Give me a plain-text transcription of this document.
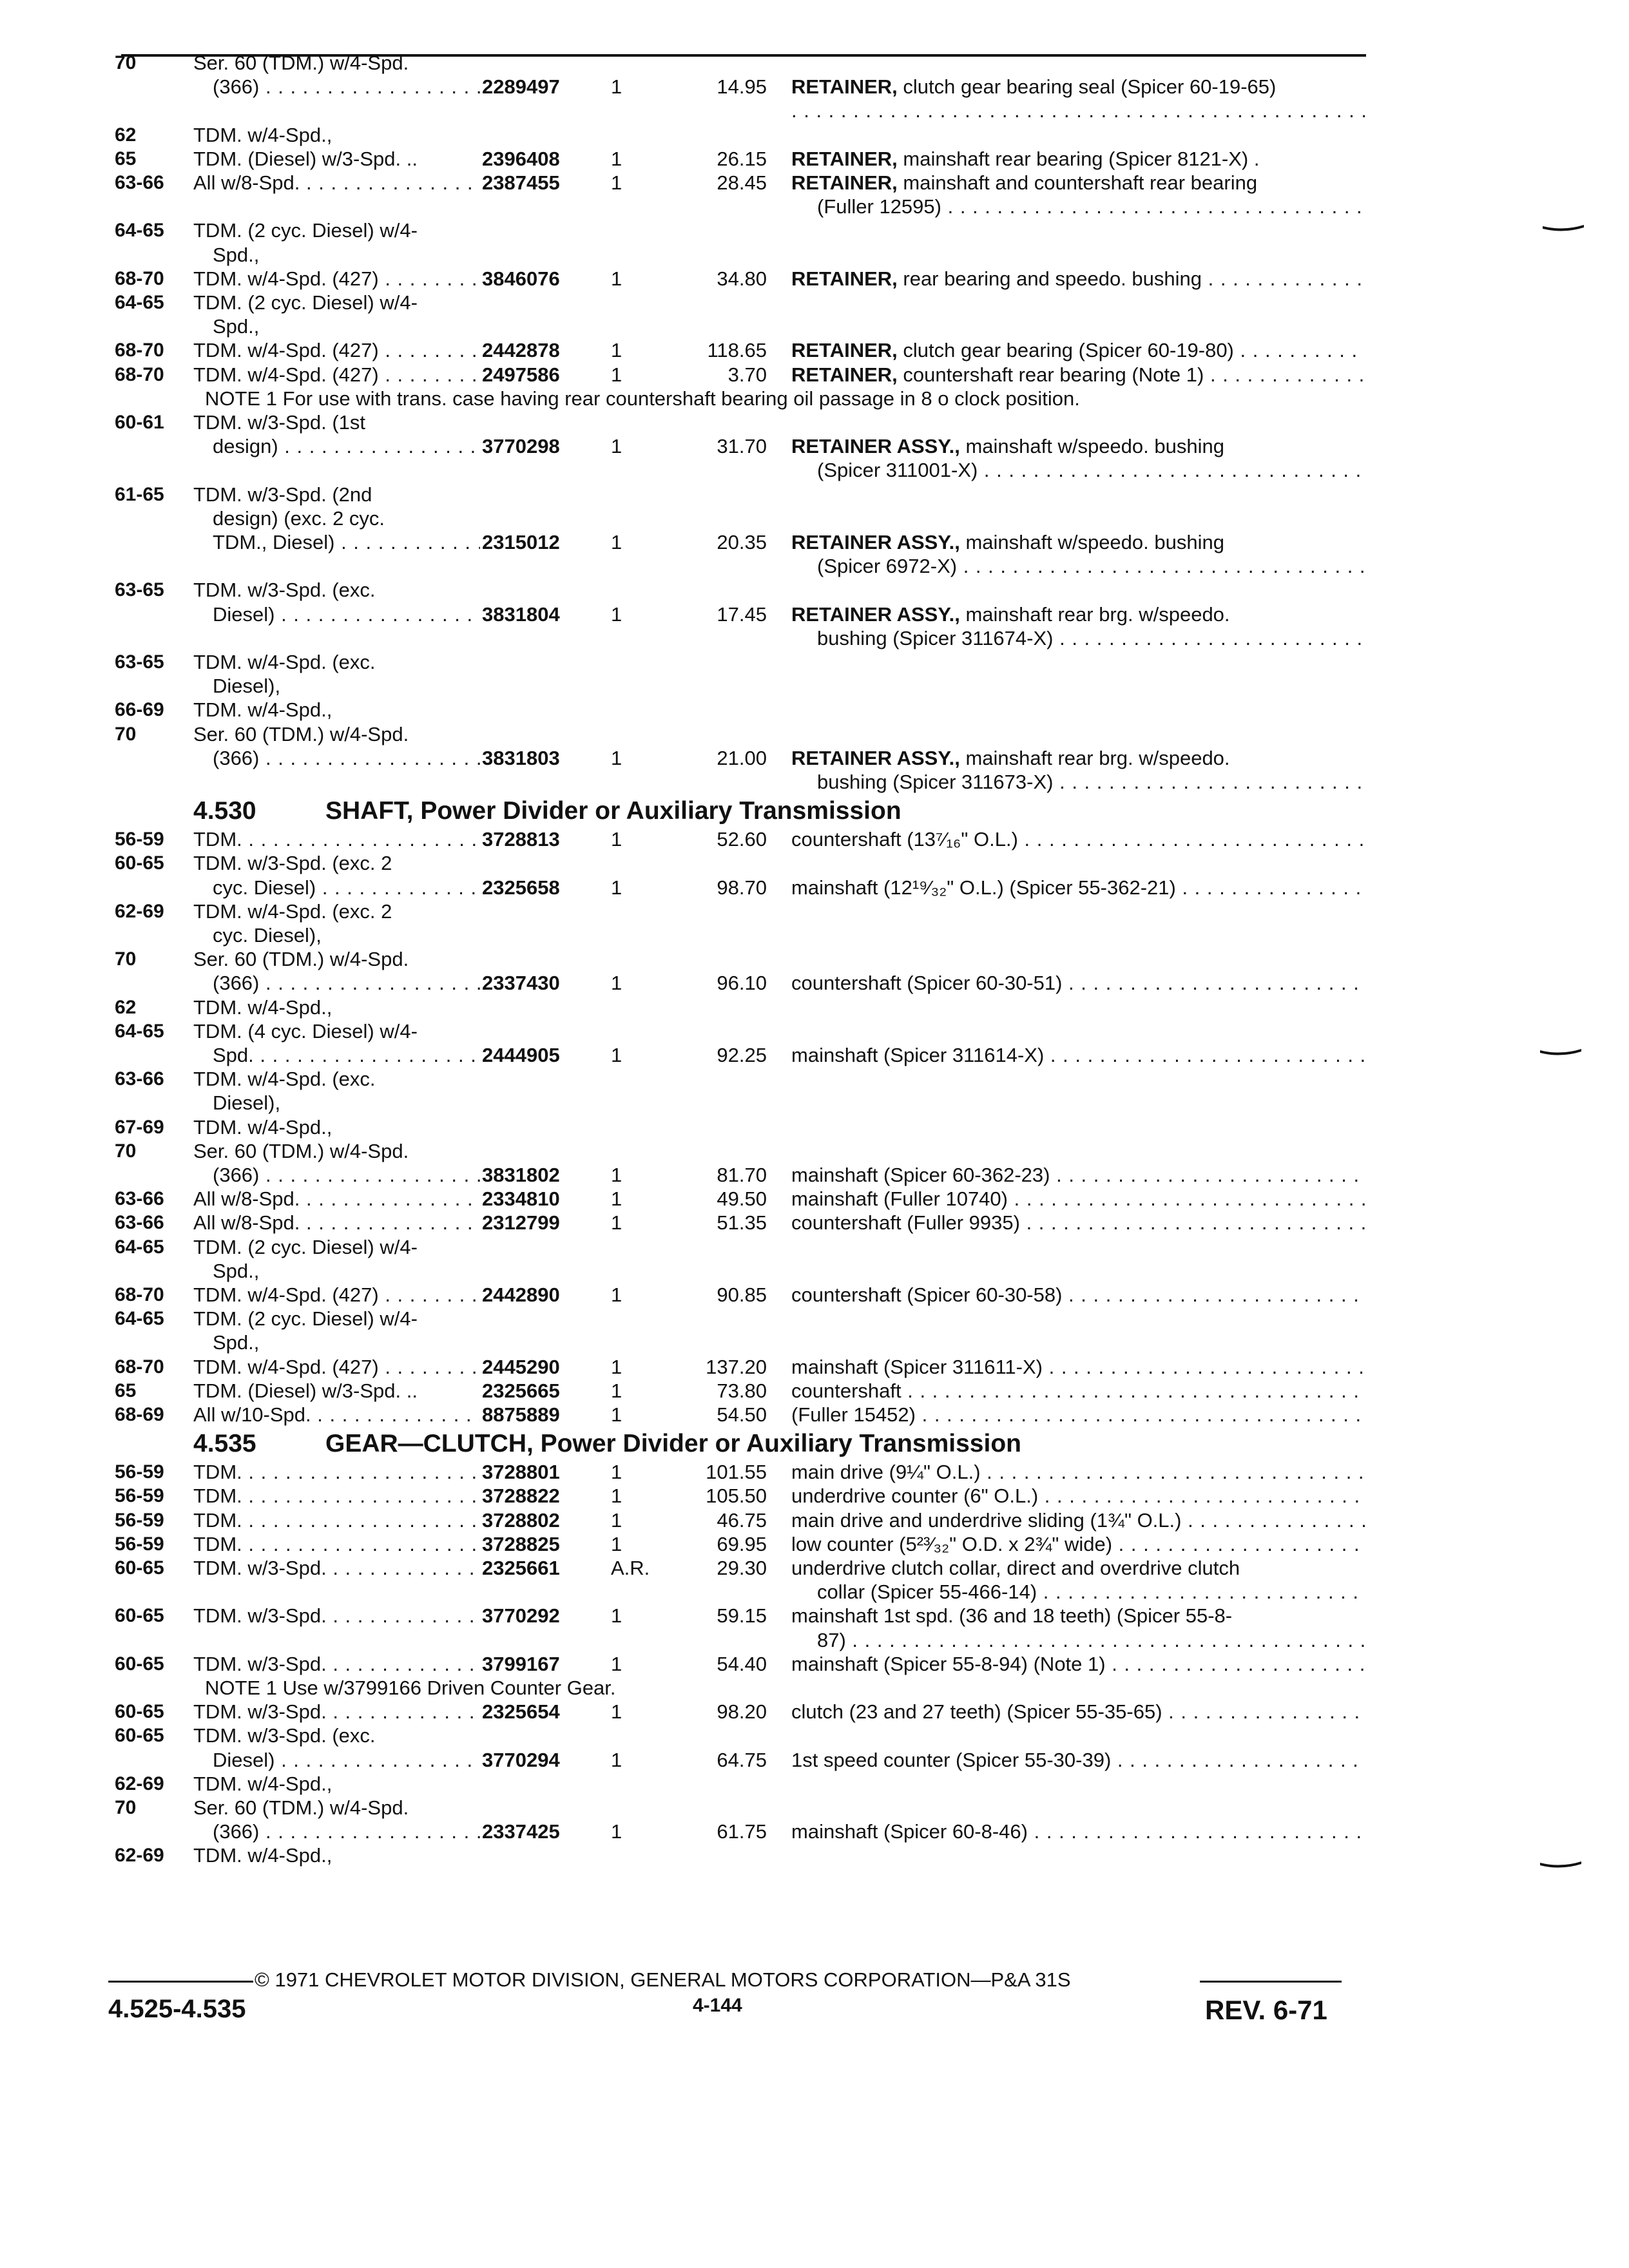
70	Ser. 60 (TDM.) w/4-Spd.
(366) . . .	2289497	1	14.95 RETAINER, clutch gear bearing seal (Spicer 60-19-65)
. . .
62	TDM. w/4-Spd.,
65	TDM. (Diesel) w/3-Spd. ..	2396408	1	26.15 RETAINER, mainshaft rear bearing (Spicer 8121-X) .
63-66	All w/8-Spd. . . .	2387455	1	28.45 RETAINER, mainshaft and countershaft rear bearing
(Fuller 12595) . . .
64-65	TDM. (2 cyc. Diesel) w/4-
Spd.,
68-70	TDM. w/4-Spd. (427) . . .	3846076	1	34.80 RETAINER, rear bearing and speedo. bushing . . .
64-65	TDM. (2 cyc. Diesel) w/4-
Spd.,
68-70	TDM. w/4-Spd. (427) . . .	2442878	1	118.65 RETAINER, clutch gear bearing (Spicer 60-19-80) . . .
68-70	TDM. w/4-Spd. (427) . . .	2497586	1	3.70 RETAINER, countershaft rear bearing (Note 1) . . .
NOTE 1 For use with trans. case having rear countershaft bearing oil passage in 8 o clock position.
60-61	TDM. w/3-Spd. (1st
design) . . .	3770298	1	31.70 RETAINER ASSY., mainshaft w/speedo. bushing
(Spicer 311001-X) . . .
61-65	TDM. w/3-Spd. (2nd
design) (exc. 2 cyc.
TDM., Diesel) . . .	2315012	1	20.35 RETAINER ASSY., mainshaft w/speedo. bushing
(Spicer 6972-X) . . .
63-65	TDM. w/3-Spd. (exc.
Diesel) . . .	3831804	1	17.45 RETAINER ASSY., mainshaft rear brg. w/speedo.
bushing (Spicer 311674-X) . . .
63-65	TDM. w/4-Spd. (exc.
Diesel),
66-69	TDM. w/4-Spd.,
70	Ser. 60 (TDM.) w/4-Spd.
(366) . . .	3831803	1	21.00 RETAINER ASSY., mainshaft rear brg. w/speedo.
bushing (Spicer 311673-X) . . .
4.530	SHAFT, Power Divider or Auxiliary Transmission
56-59	TDM. . . .	3728813	1	52.60 countershaft (13⁷⁄₁₆" O.L.) . . .
60-65	TDM. w/3-Spd. (exc. 2
cyc. Diesel) . . .	2325658	1	98.70 mainshaft (12¹⁹⁄₃₂" O.L.) (Spicer 55-362-21) . . .
62-69	TDM. w/4-Spd. (exc. 2
cyc. Diesel),
70	Ser. 60 (TDM.) w/4-Spd.
(366) . . .	2337430	1	96.10 countershaft (Spicer 60-30-51) . . .
62	TDM. w/4-Spd.,
64-65	TDM. (4 cyc. Diesel) w/4-
Spd. . . .	2444905	1	92.25 mainshaft (Spicer 311614-X) . . .
63-66	TDM. w/4-Spd. (exc.
Diesel),
67-69	TDM. w/4-Spd.,
70	Ser. 60 (TDM.) w/4-Spd.
(366) . . .	3831802	1	81.70 mainshaft (Spicer 60-362-23) . . .
63-66	All w/8-Spd. . . .	2334810	1	49.50 mainshaft (Fuller 10740) . . .
63-66	All w/8-Spd. . . .	2312799	1	51.35 countershaft (Fuller 9935) . . .
64-65	TDM. (2 cyc. Diesel) w/4-
Spd.,
68-70	TDM. w/4-Spd. (427) . . .	2442890	1	90.85 countershaft (Spicer 60-30-58) . . .
64-65	TDM. (2 cyc. Diesel) w/4-
Spd.,
68-70	TDM. w/4-Spd. (427) . . .	2445290	1	137.20 mainshaft (Spicer 311611-X) . . .
65	TDM. (Diesel) w/3-Spd. ..	2325665	1	73.80 countershaft . . .
68-69	All w/10-Spd. . . .	8875889	1	54.50 (Fuller 15452) . . .
4.535	GEAR—CLUTCH, Power Divider or Auxiliary Transmission
56-59	TDM. . . .	3728801	1	101.55 main drive (9¼" O.L.) . . .
56-59	TDM. . . .	3728822	1	105.50 underdrive counter (6" O.L.) . . .
56-59	TDM. . . .	3728802	1	46.75 main drive and underdrive sliding (1¾" O.L.) . . .
56-59	TDM. . . .	3728825	1	69.95 low counter (5²³⁄₃₂" O.D. x 2¾" wide) . . .
60-65	TDM. w/3-Spd. . . .	2325661	A.R.	29.30 underdrive clutch collar, direct and overdrive clutch
collar (Spicer 55-466-14) . . .
60-65	TDM. w/3-Spd. . . .	3770292	1	59.15 mainshaft 1st spd. (36 and 18 teeth) (Spicer 55-8-
87) . . .
60-65	TDM. w/3-Spd. . . .	3799167	1	54.40 mainshaft (Spicer 55-8-94) (Note 1) . . .
NOTE 1 Use w/3799166 Driven Counter Gear.
60-65	TDM. w/3-Spd. . . .	2325654	1	98.20 clutch (23 and 27 teeth) (Spicer 55-35-65) . . .
60-65	TDM. w/3-Spd. (exc.
Diesel) . . .	3770294	1	64.75 1st speed counter (Spicer 55-30-39) . . .
62-69	TDM. w/4-Spd.,
70	Ser. 60 (TDM.) w/4-Spd.
(366) . . .	2337425	1	61.75 mainshaft (Spicer 60-8-46) . . .
62-69	TDM. w/4-Spd.,
© 1971 CHEVROLET MOTOR DIVISION, GENERAL MOTORS CORPORATION—P&A 31S
4.525-4.535	4-144	REV. 6-71
